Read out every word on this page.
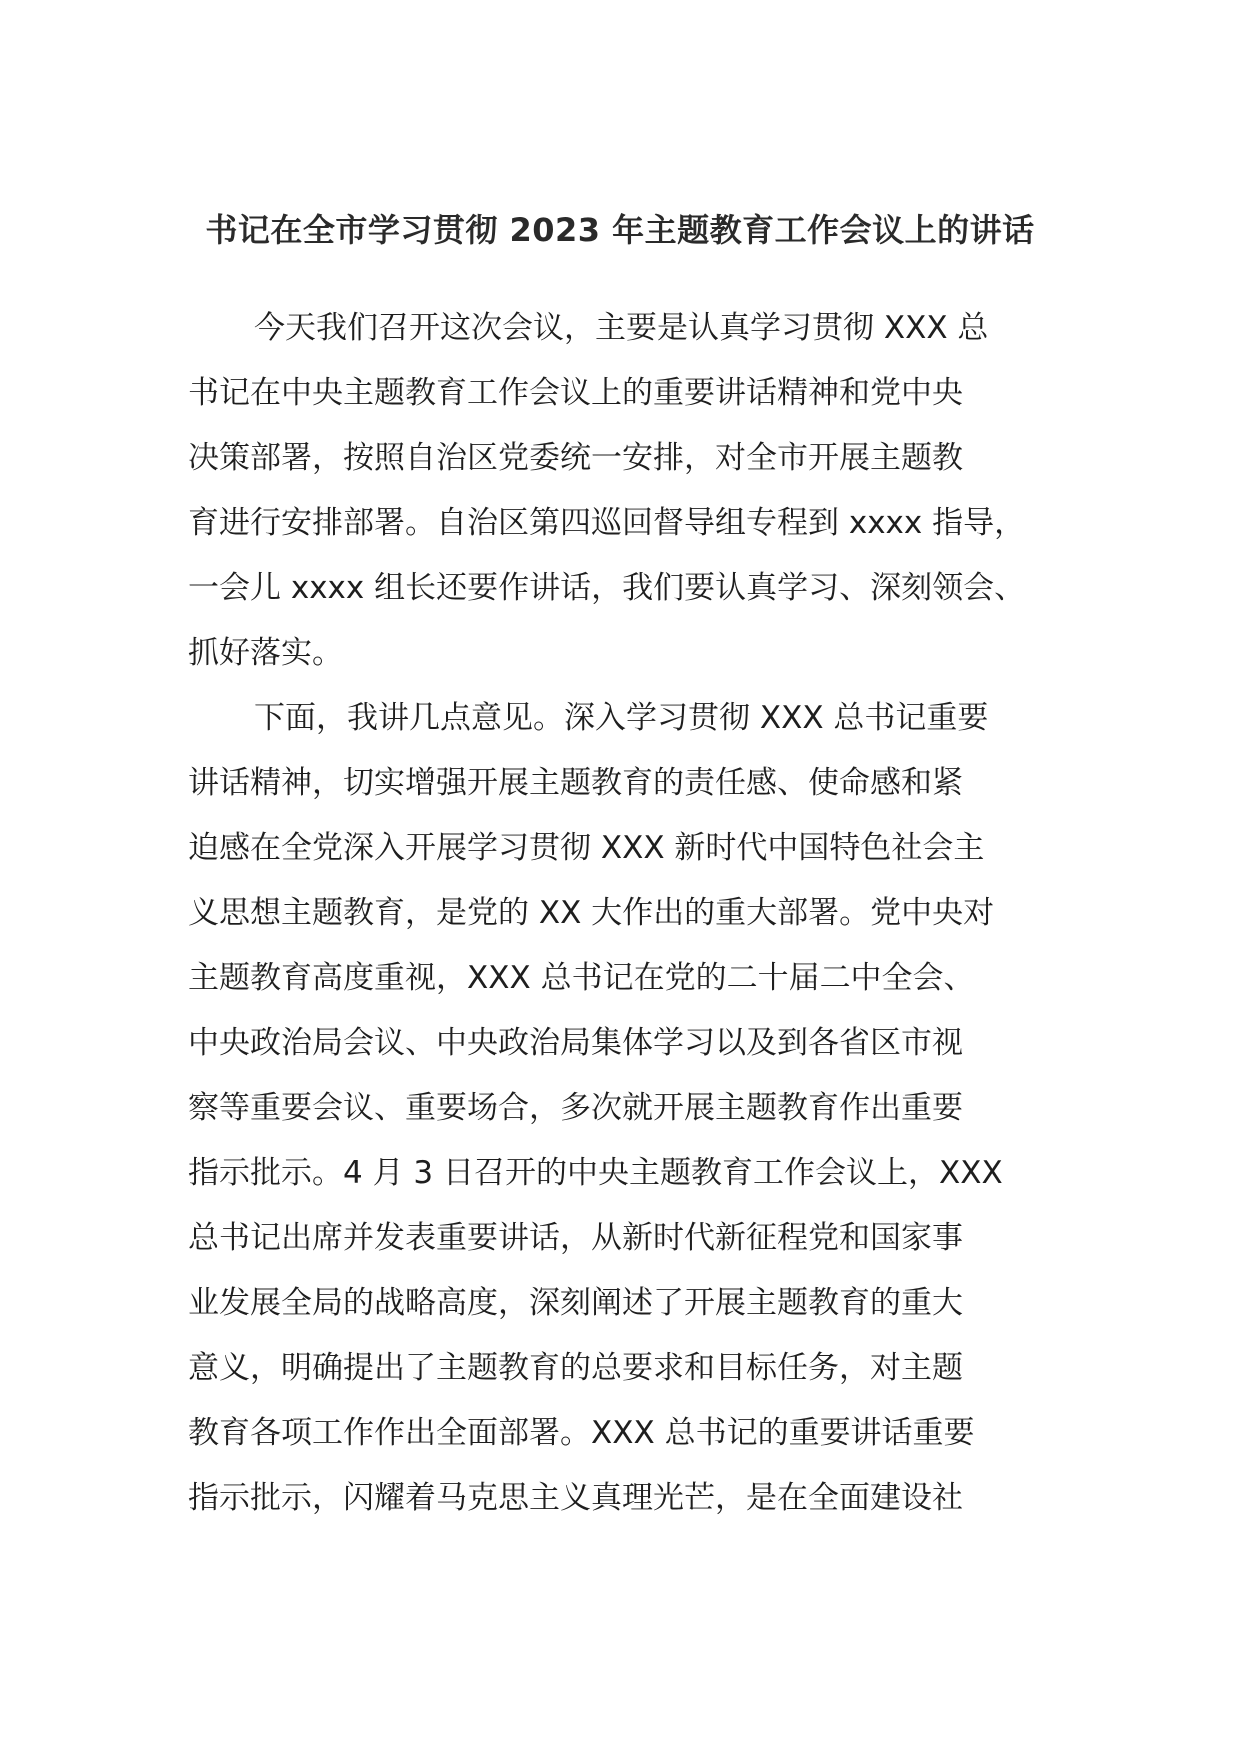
书记在全市学习贯彻 2023 年主题教育工作会议上的讲话
今天我们召开这次会议，主要是认真学习贯彻 XXX 总
书记在中央主题教育工作会议上的重要讲话精神和党中央
决策部署，按照自治区党委统一安排，对全市开展主题教
育进行安排部署。自治区第四巡回督导组专程到 xxxx 指导，
一会儿 xxxx 组长还要作讲话，我们要认真学习、深刻领会、
抓好落实。
下面，我讲几点意见。深入学习贯彻 XXX 总书记重要
讲话精神，切实增强开展主题教育的责任感、使命感和紧
迫感在全党深入开展学习贯彻 XXX 新时代中国特色社会主
义思想主题教育，是党的 XX 大作出的重大部署。党中央对
主题教育高度重视，XXX 总书记在党的二十届二中全会、
中央政治局会议、中央政治局集体学习以及到各省区市视
察等重要会议、重要场合，多次就开展主题教育作出重要
指示批示。4 月 3 日召开的中央主题教育工作会议上，XXX
总书记出席并发表重要讲话，从新时代新征程党和国家事
业发展全局的战略高度，深刻阐述了开展主题教育的重大
意义，明确提出了主题教育的总要求和目标任务，对主题
教育各项工作作出全面部署。XXX 总书记的重要讲话重要
指示批示，闪耀着马克思主义真理光芒，是在全面建设社
